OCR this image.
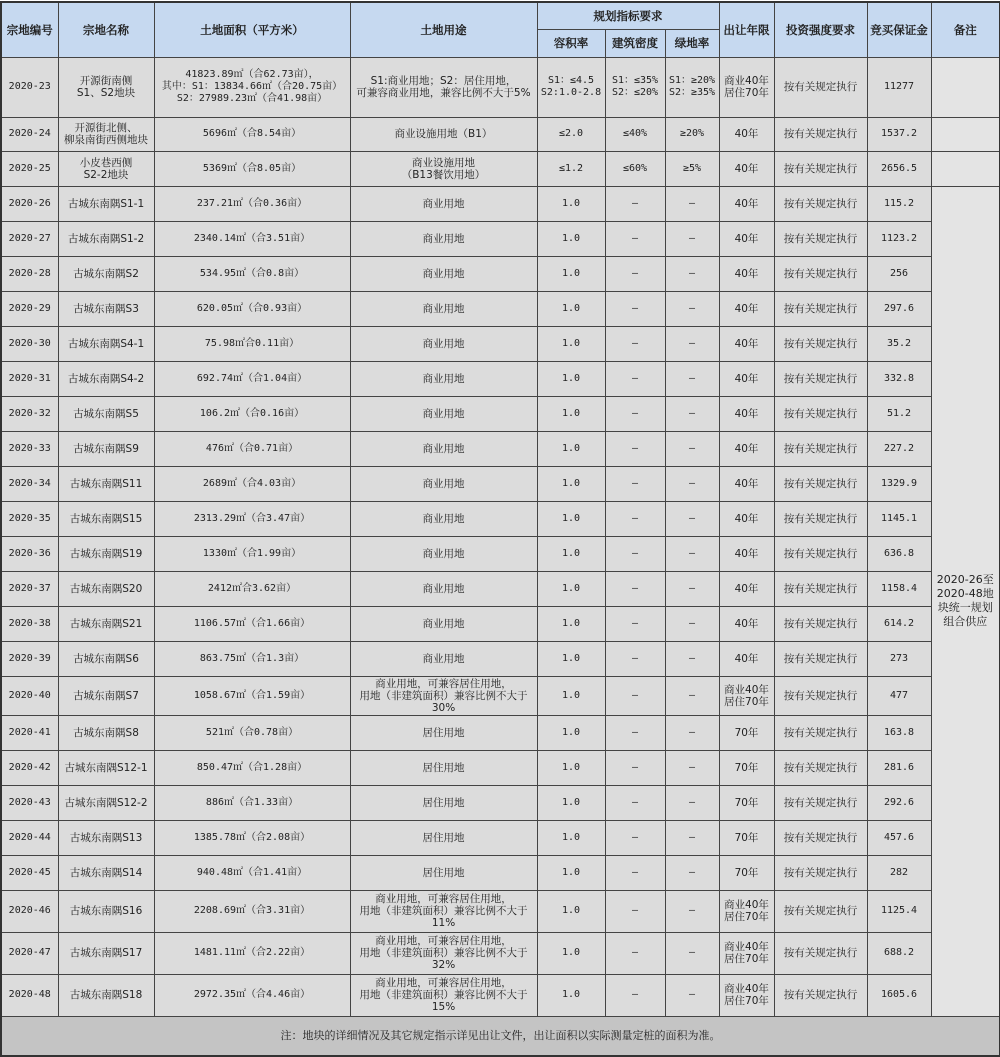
宗地编号	宗地名称	土地面积（平方米）	土地用途	规划指标要求			出让年限	投资强度要求	竞买保证金	备注
				容积率	建筑密度	绿地率				
2020-23	开源街南侧
S1、S2地块	41823.89㎡（合62.73亩），
其中：S1：13834.66㎡（合20.75亩）
S2：27989.23㎡（合41.98亩）	S1:商业用地；S2：居住用地，
可兼容商业用地，兼容比例不大于5%	S1：≤4.5
S2:1.0-2.8	S1：≤35%
S2：≤20%	S1：≥20%
S2：≥35%	商业40年
居住70年	按有关规定执行	11277	
2020-24	开源街北侧、
柳泉南街西侧地块	5696㎡（合8.54亩）	商业设施用地（B1）	≤2.0	≤40%	≥20%	40年	按有关规定执行	1537.2	
2020-25	小皮巷西侧
S2-2地块	5369㎡（合8.05亩）	商业设施用地
（B13餐饮用地）	≤1.2	≤60%	≥5%	40年	按有关规定执行	2656.5	
2020-26	古城东南隅S1-1	237.21㎡（合0.36亩）	商业用地	1.0	—	—	40年	按有关规定执行	115.2	2020-26至
2020-48地
块统一规划
组合供应
2020-27	古城东南隅S1-2	2340.14㎡（合3.51亩）	商业用地	1.0	—	—	40年	按有关规定执行	1123.2	
2020-28	古城东南隅S2	534.95㎡（合0.8亩）	商业用地	1.0	—	—	40年	按有关规定执行	256	
2020-29	古城东南隅S3	620.05㎡（合0.93亩）	商业用地	1.0	—	—	40年	按有关规定执行	297.6	
2020-30	古城东南隅S4-1	75.98㎡合0.11亩）	商业用地	1.0	—	—	40年	按有关规定执行	35.2	
2020-31	古城东南隅S4-2	692.74㎡（合1.04亩）	商业用地	1.0	—	—	40年	按有关规定执行	332.8	
2020-32	古城东南隅S5	106.2㎡（合0.16亩）	商业用地	1.0	—	—	40年	按有关规定执行	51.2	
2020-33	古城东南隅S9	476㎡（合0.71亩）	商业用地	1.0	—	—	40年	按有关规定执行	227.2	
2020-34	古城东南隅S11	2689㎡（合4.03亩）	商业用地	1.0	—	—	40年	按有关规定执行	1329.9	
2020-35	古城东南隅S15	2313.29㎡（合3.47亩）	商业用地	1.0	—	—	40年	按有关规定执行	1145.1	
2020-36	古城东南隅S19	1330㎡（合1.99亩）	商业用地	1.0	—	—	40年	按有关规定执行	636.8	
2020-37	古城东南隅S20	2412㎡合3.62亩）	商业用地	1.0	—	—	40年	按有关规定执行	1158.4	
2020-38	古城东南隅S21	1106.57㎡（合1.66亩）	商业用地	1.0	—	—	40年	按有关规定执行	614.2	
2020-39	古城东南隅S6	863.75㎡（合1.3亩）	商业用地	1.0	—	—	40年	按有关规定执行	273	
2020-40	古城东南隅S7	1058.67㎡（合1.59亩）	商业用地，可兼容居住用地，
用地（非建筑面积）兼容比例不大于
30%	1.0	—	—	商业40年
居住70年	按有关规定执行	477	
2020-41	古城东南隅S8	521㎡（合0.78亩）	居住用地	1.0	—	—	70年	按有关规定执行	163.8	
2020-42	古城东南隅S12-1	850.47㎡（合1.28亩）	居住用地	1.0	—	—	70年	按有关规定执行	281.6	
2020-43	古城东南隅S12-2	886㎡（合1.33亩）	居住用地	1.0	—	—	70年	按有关规定执行	292.6	
2020-44	古城东南隅S13	1385.78㎡（合2.08亩）	居住用地	1.0	—	—	70年	按有关规定执行	457.6	
2020-45	古城东南隅S14	940.48㎡（合1.41亩）	居住用地	1.0	—	—	70年	按有关规定执行	282	
2020-46	古城东南隅S16	2208.69㎡（合3.31亩）	商业用地，可兼容居住用地，
用地（非建筑面积）兼容比例不大于
11%	1.0	—	—	商业40年
居住70年	按有关规定执行	1125.4	
2020-47	古城东南隅S17	1481.11㎡（合2.22亩）	商业用地，可兼容居住用地，
用地（非建筑面积）兼容比例不大于
32%	1.0	—	—	商业40年
居住70年	按有关规定执行	688.2	
2020-48	古城东南隅S18	2972.35㎡（合4.46亩）	商业用地，可兼容居住用地，
用地（非建筑面积）兼容比例不大于
15%	1.0	—	—	商业40年
居住70年	按有关规定执行	1605.6	
注：地块的详细情况及其它规定指示详见出让文件，出让面积以实际测量定桩的面积为准。										
